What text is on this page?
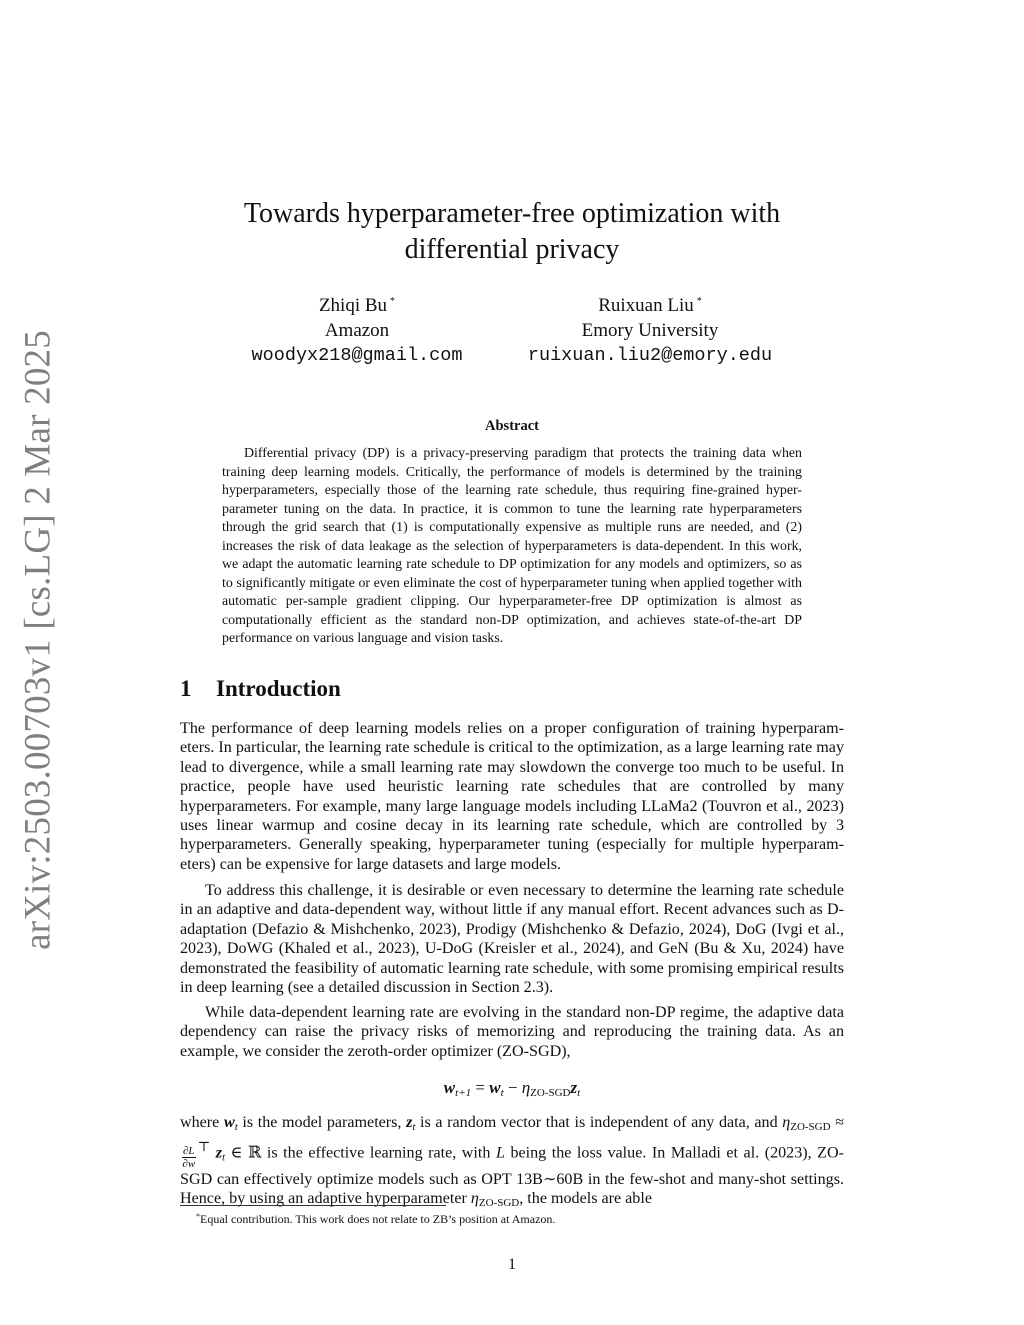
arXiv:2503.00703v1 [cs.LG] 2 Mar 2025
Towards hyperparameter-free optimization with
differential privacy
Zhiqi Bu *
Amazon
woodyx218@gmail.com
Ruixuan Liu *
Emory University
ruixuan.liu2@emory.edu
Abstract

Differential privacy (DP) is a privacy-preserving paradigm that protects the training data when training deep learning models. Critically, the performance of models is determined by the training hyperparameters, especially those of the learning rate schedule, thus requiring fine-grained hyper-parameter tuning on the data. In practice, it is common to tune the learning rate hyperparameters through the grid search that (1) is computationally expensive as multiple runs are needed, and (2) increases the risk of data leakage as the selection of hyperparameters is data-dependent. In this work, we adapt the automatic learning rate schedule to DP optimization for any models and optimizers, so as to significantly mitigate or even eliminate the cost of hyperparameter tuning when applied together with automatic per-sample gradient clipping. Our hyperparameter-free DP optimization is almost as computationally efficient as the standard non-DP optimization, and achieves state-of-the-art DP performance on various language and vision tasks.

1 Introduction

The performance of deep learning models relies on a proper configuration of training hyperparam-eters. In particular, the learning rate schedule is critical to the optimization, as a large learning rate may lead to divergence, while a small learning rate may slowdown the converge too much to be useful. In practice, people have used heuristic learning rate schedules that are controlled by many hyperparameters. For example, many large language models including LLaMa2 (Touvron et al., 2023) uses linear warmup and cosine decay in its learning rate schedule, which are controlled by 3 hyperparameters. Generally speaking, hyperparameter tuning (especially for multiple hyperparam-eters) can be expensive for large datasets and large models.

To address this challenge, it is desirable or even necessary to determine the learning rate schedule in an adaptive and data-dependent way, without little if any manual effort. Recent advances such as D-adaptation (Defazio & Mishchenko, 2023), Prodigy (Mishchenko & Defazio, 2024), DoG (Ivgi et al., 2023), DoWG (Khaled et al., 2023), U-DoG (Kreisler et al., 2024), and GeN (Bu & Xu, 2024) have demonstrated the feasibility of automatic learning rate schedule, with some promising empirical results in deep learning (see a detailed discussion in Section 2.3).

While data-dependent learning rate are evolving in the standard non-DP regime, the adaptive data dependency can raise the privacy risks of memorizing and reproducing the training data. As an example, we consider the zeroth-order optimizer (ZO-SGD),

$w_{t+1} = w_t$ − ηZO-SGDz$_t$

where $w_t$ is the model parameters, $z_t$ is a random vector that is independent of any data, and ηZO-SGD ≈
$\frac{\partial L}{\partial w} ^⊤$ $z_t$ ∈ ℝ is the effective learning rate, with L being the loss value. In Malladi et al. (2023), ZO-SGD can effectively optimize models such as OPT 13B∼60B in the few-shot and many-shot settings. Hence, by using an adaptive hyperparameter ηZO-SGD, the models are able

*Equal contribution. This work does not relate to ZB’s position at Amazon.
1
